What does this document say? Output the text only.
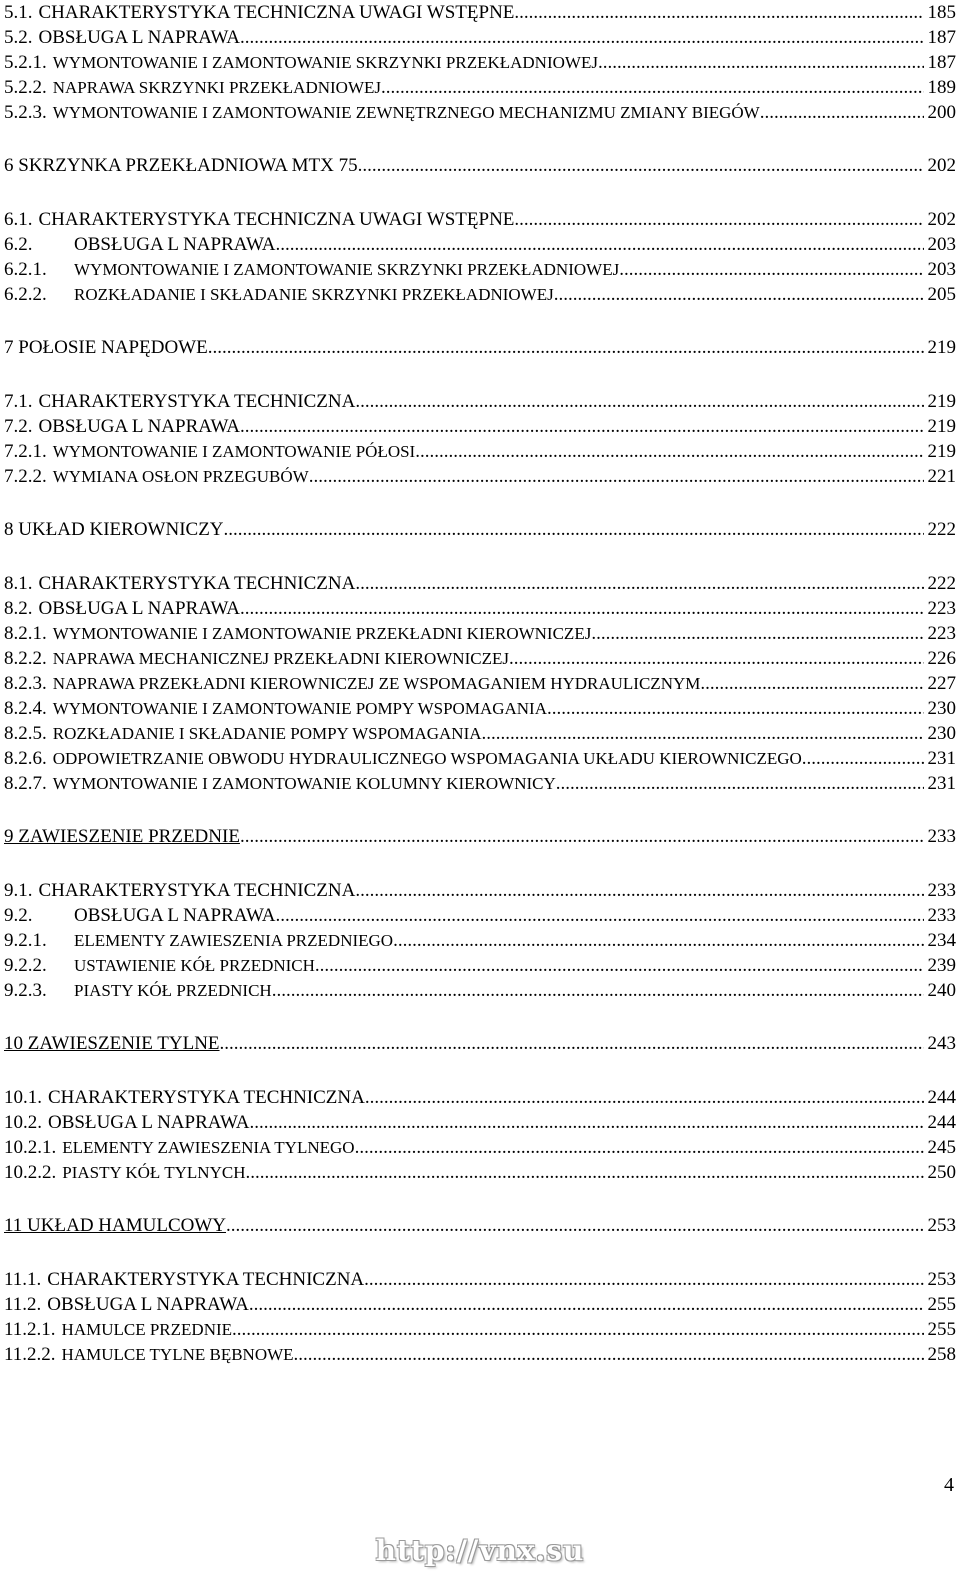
5.1. CHARAKTERYSTYKA TECHNICZNA UWAGI WSTĘPNE .....	185
5.2. OBSŁUGA L NAPRAWA .....	187
5.2.1. WYMONTOWANIE I ZAMONTOWANIE SKRZYNKI PRZEKŁADNIOWEJ .....	187
5.2.2. NAPRAWA SKRZYNKI PRZEKŁADNIOWEJ .....	189
5.2.3. WYMONTOWANIE I ZAMONTOWANIE ZEWNĘTRZNEGO MECHANIZMU ZMIANY BIEGÓW .....	200
6 SKRZYNKA PRZEKŁADNIOWA MTX 75 .....	202
6.1. CHARAKTERYSTYKA TECHNICZNA UWAGI WSTĘPNE .....	202
6.2.	OBSŁUGA L NAPRAWA .....	203
6.2.1.	WYMONTOWANIE I ZAMONTOWANIE SKRZYNKI PRZEKŁADNIOWEJ .....	203
6.2.2.	ROZKŁADANIE I SKŁADANIE SKRZYNKI PRZEKŁADNIOWEJ .....	205
7 POŁOSIE NAPĘDOWE .....	219
7.1. CHARAKTERYSTYKA TECHNICZNA .....	219
7.2. OBSŁUGA L NAPRAWA .....	219
7.2.1. WYMONTOWANIE I ZAMONTOWANIE PÓŁOSI .....	219
7.2.2. WYMIANA OSŁON PRZEGUBÓW .....	221
8 UKŁAD KIEROWNICZY .....	222
8.1. CHARAKTERYSTYKA TECHNICZNA .....	222
8.2. OBSŁUGA L NAPRAWA .....	223
8.2.1. WYMONTOWANIE I ZAMONTOWANIE PRZEKŁADNI KIEROWNICZEJ .....	223
8.2.2. NAPRAWA MECHANICZNEJ PRZEKŁADNI KIEROWNICZEJ .....	226
8.2.3. NAPRAWA PRZEKŁADNI KIEROWNICZEJ ZE WSPOMAGANIEM HYDRAULICZNYM .....	227
8.2.4. WYMONTOWANIE I ZAMONTOWANIE POMPY WSPOMAGANIA .....	230
8.2.5. ROZKŁADANIE I SKŁADANIE POMPY WSPOMAGANIA .....	230
8.2.6. ODPOWIETRZANIE OBWODU HYDRAULICZNEGO WSPOMAGANIA UKŁADU KIEROWNICZEGO .....	231
8.2.7. WYMONTOWANIE I ZAMONTOWANIE KOLUMNY KIEROWNICY .....	231
9 ZAWIESZENIE PRZEDNIE .....	233
9.1. CHARAKTERYSTYKA TECHNICZNA .....	233
9.2.	OBSŁUGA L NAPRAWA .....	233
9.2.1.	ELEMENTY ZAWIESZENIA PRZEDNIEGO .....	234
9.2.2.	USTAWIENIE KÓŁ PRZEDNICH .....	239
9.2.3.	PIASTY KÓŁ PRZEDNICH .....	240
10 ZAWIESZENIE TYLNE .....	243
10.1. CHARAKTERYSTYKA TECHNICZNA .....	244
10.2. OBSŁUGA L NAPRAWA .....	244
10.2.1. ELEMENTY ZAWIESZENIA TYLNEGO .....	245
10.2.2. PIASTY KÓŁ TYLNYCH .....	250
11 UKŁAD HAMULCOWY .....	253
11.1. CHARAKTERYSTYKA TECHNICZNA .....	253
11.2. OBSŁUGA L NAPRAWA .....	255
11.2.1. HAMULCE PRZEDNIE .....	255
11.2.2. HAMULCE TYLNE BĘBNOWE .....	258
4
http://vnx.su
